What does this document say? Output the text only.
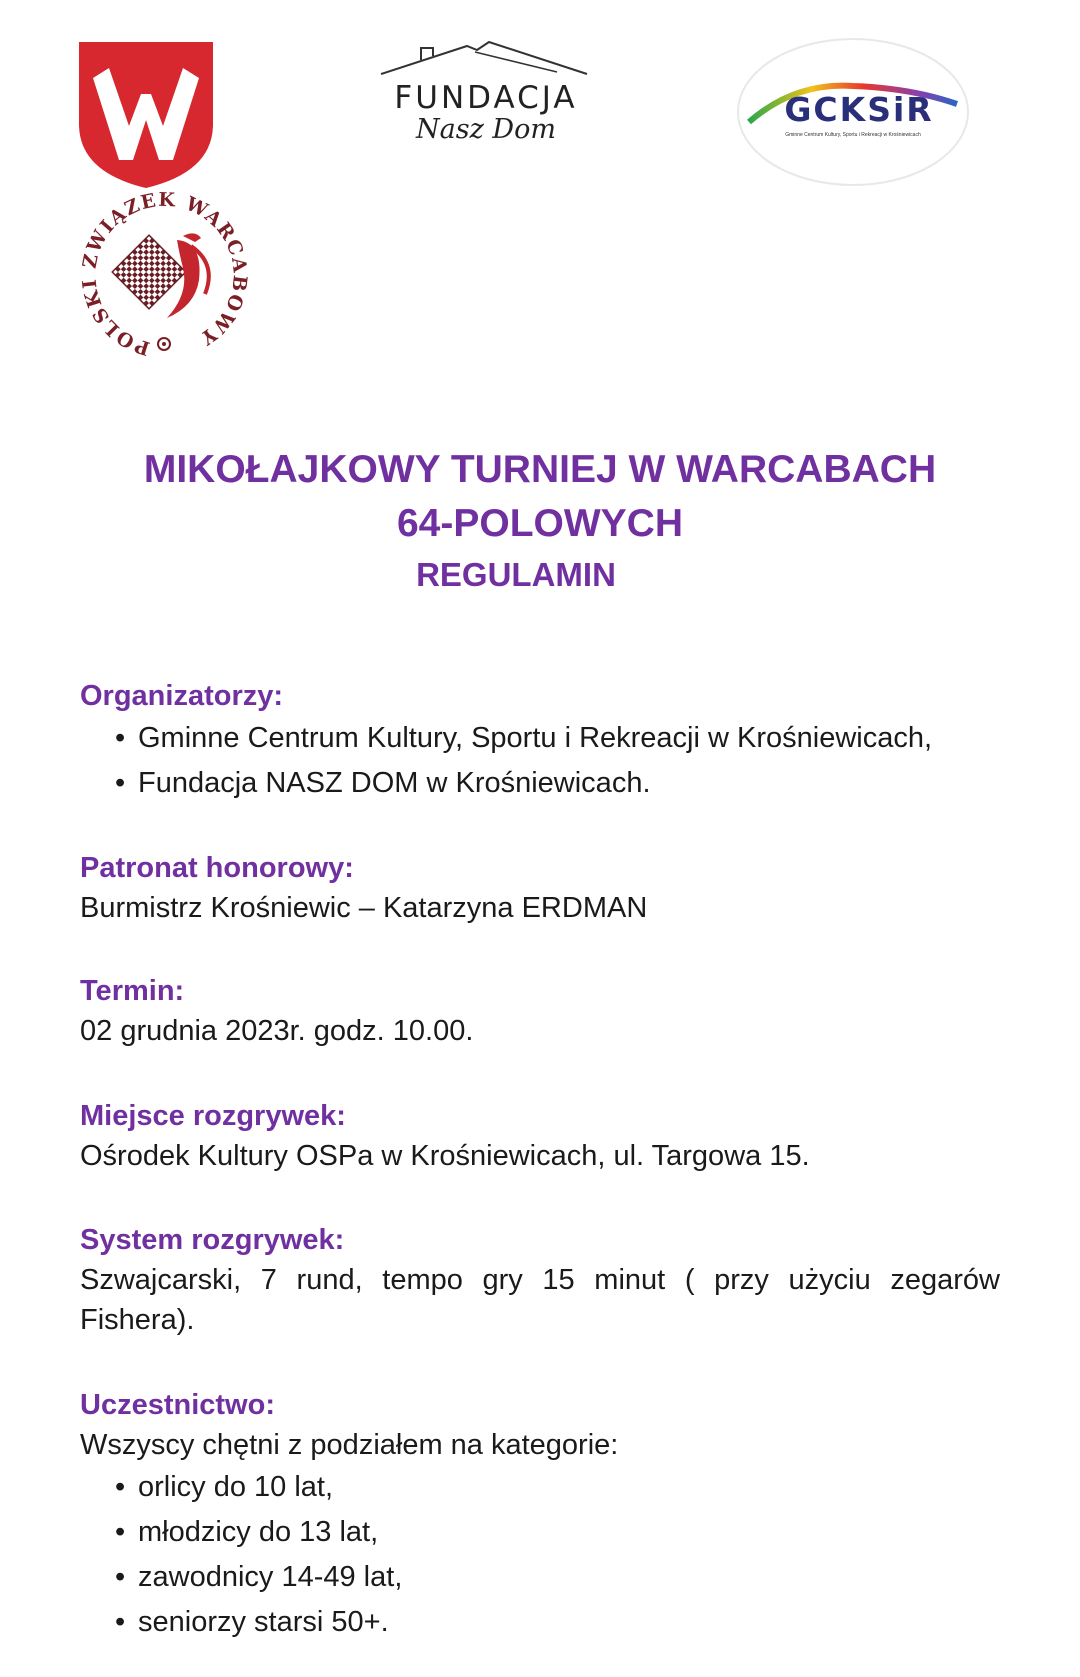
FUNDACJA
Nasz Dom
GCKSiR
Gminne Centrum Kultury, Sportu i Rekreacji w Krośniewicach
POLSKI ZWIĄZEK WARCABOWY
MIKOŁAJKOWY TURNIEJ W WARCABACH
64-POLOWYCH
REGULAMIN
Organizatorzy:
• Gminne Centrum Kultury, Sportu i Rekreacji w Krośniewicach,
• Fundacja NASZ DOM w Krośniewicach.
Patronat honorowy:

Burmistrz Krośniewic – Katarzyna ERDMAN

Termin:

02 grudnia 2023r. godz. 10.00.

Miejsce rozgrywek:

Ośrodek Kultury OSPa w Krośniewicach, ul. Targowa 15.

System rozgrywek:

Szwajcarski, 7 rund, tempo gry 15 minut ( przy użyciu zegarów Fishera).

Uczestnictwo:

Wszyscy chętni z podziałem na kategorie:

• orlicy do 10 lat,
• młodzicy do 13 lat,
• zawodnicy 14-49 lat,
• seniorzy starsi 50+.
